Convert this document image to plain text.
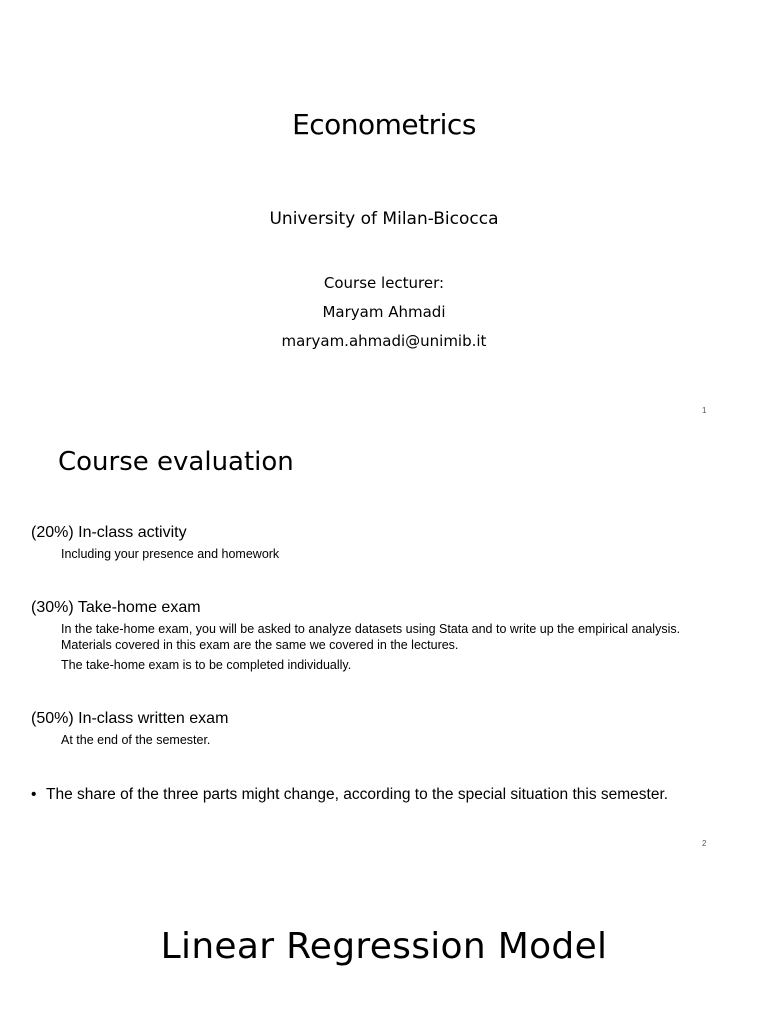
Econometrics
University of Milan-Bicocca
Course lecturer:
Maryam Ahmadi
maryam.ahmadi@unimib.it
1
Course evaluation
(20%) In-class activity
Including your presence and homework
(30%) Take-home exam
In the take-home exam, you will be asked to analyze datasets using Stata and to write up the empirical analysis.
Materials covered in this exam are the same we covered in the lectures.
The take-home exam is to be completed individually.
(50%) In-class written exam
At the end of the semester.
• The share of the three parts might change, according to the special situation this semester.
2
Linear Regression Model
